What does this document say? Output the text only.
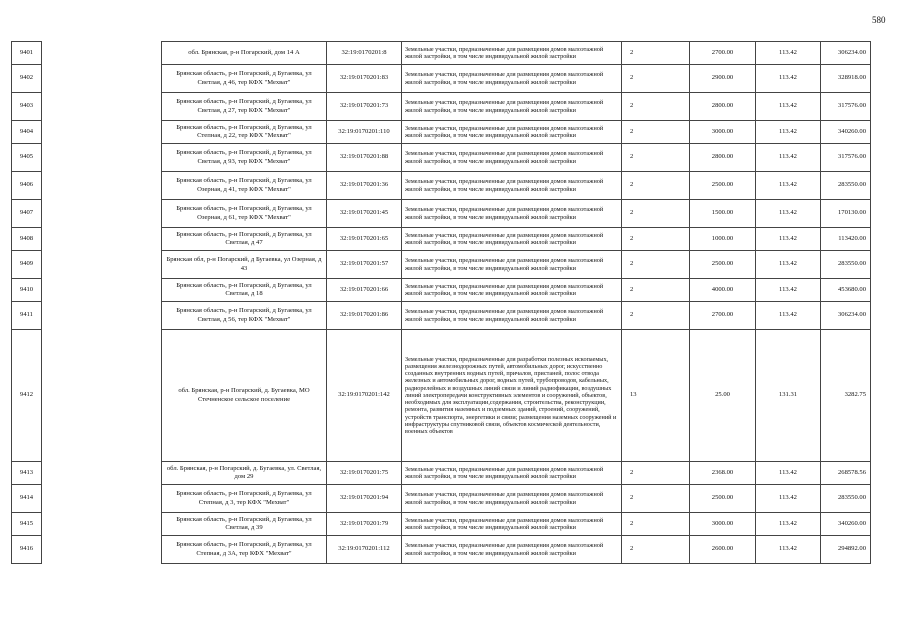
580
9401		обл. Брянская, р-н Погарский, дом 14 А	32:19:0170201:8	Земельные участки, предназначенные для размещения домов малоэтажной жилой застройки, в том числе индивидуальной жилой застройки	2	2700.00	113.42	306234.00
9402		Брянская область, р-н Погарский, д Бугаевка, ул Светлая, д 46, тер КФХ "Мехват"	32:19:0170201:83	Земельные участки, предназначенные для размещения домов малоэтажной жилой застройки, в том числе индивидуальной жилой застройки	2	2900.00	113.42	328918.00
9403		Брянская область, р-н Погарский, д Бугаевка, ул Светлая, д 27, тер КФХ "Мехват"	32:19:0170201:73	Земельные участки, предназначенные для размещения домов малоэтажной жилой застройки, в том числе индивидуальной жилой застройки	2	2800.00	113.42	317576.00
9404		Брянская область, р-н Погарский, д Бугаевка, ул Степная, д 22, тер КФХ "Мехват"	32:19:0170201:110	Земельные участки, предназначенные для размещения домов малоэтажной жилой застройки, в том числе индивидуальной жилой застройки	2	3000.00	113.42	340260.00
9405		Брянская область, р-н Погарский, д Бугаевка, ул Светлая, д 93, тер КФХ "Мехват"	32:19:0170201:88	Земельные участки, предназначенные для размещения домов малоэтажной жилой застройки, в том числе индивидуальной жилой застройки	2	2800.00	113.42	317576.00
9406		Брянская область, р-н Погарский, д Бугаевка, ул Озерная, д 41, тер КФХ "Мехват"	32:19:0170201:36	Земельные участки, предназначенные для размещения домов малоэтажной жилой застройки, в том числе индивидуальной жилой застройки	2	2500.00	113.42	283550.00
9407		Брянская область, р-н Погарский, д Бугаевка, ул Озерная, д 61, тер КФХ "Мехват"	32:19:0170201:45	Земельные участки, предназначенные для размещения домов малоэтажной жилой застройки, в том числе индивидуальной жилой застройки	2	1500.00	113.42	170130.00
9408		Брянская область, р-н Погарский, д Бугаевка, ул Светлая, д 47	32:19:0170201:65	Земельные участки, предназначенные для размещения домов малоэтажной жилой застройки, в том числе индивидуальной жилой застройки	2	1000.00	113.42	113420.00
9409		Брянская обл, р-н Погарский, д Бугаевка, ул Озерная, д 43	32:19:0170201:57	Земельные участки, предназначенные для размещения домов малоэтажной жилой застройки, в том числе индивидуальной жилой застройки	2	2500.00	113.42	283550.00
9410		Брянская область, р-н Погарский, д Бугаевка, ул Светлая, д 18	32:19:0170201:66	Земельные участки, предназначенные для размещения домов малоэтажной жилой застройки, в том числе индивидуальной жилой застройки	2	4000.00	113.42	453680.00
9411		Брянская область, р-н Погарский, д Бугаевка, ул Светлая, д 56, тер КФХ "Мехват"	32:19:0170201:86	Земельные участки, предназначенные для размещения домов малоэтажной жилой застройки, в том числе индивидуальной жилой застройки	2	2700.00	113.42	306234.00
9412		обл. Брянская, р-н Погарский, д. Бугаевка, МО Стечненское сельское поселение	32:19:0170201:142	Земельные участки, предназначенные для разработки полезных ископаемых, размещения железнодорожных путей, автомобильных дорог, искусственно созданных внутренних водных путей, причалов, пристаней, полос отвода железных и автомобильных дорог, водных путей, трубопроводов, кабельных, радиорелейных и воздушных линий связи и линий радиофикации, воздушных линий электропередачи конструктивных элементов и сооружений, объектов, необходимых для эксплуатации,содержания, строительства, реконструкции, ремонта, развития наземных и подземных зданий, строений, сооружений, устройств транспорта, энергетики и связи; размещения наземных сооружений и инфраструктуры спутниковой связи, объектов космической деятельности, военных объектов	13	25.00	131.31	3282.75
9413		обл. Брянская, р-н Погарский, д. Бугаевка, ул. Светлая, дом 29	32:19:0170201:75	Земельные участки, предназначенные для размещения домов малоэтажной жилой застройки, в том числе индивидуальной жилой застройки	2	2368.00	113.42	268578.56
9414		Брянская область, р-н Погарский, д Бугаевка, ул Степная, д 3, тер КФХ "Мехват"	32:19:0170201:94	Земельные участки, предназначенные для размещения домов малоэтажной жилой застройки, в том числе индивидуальной жилой застройки	2	2500.00	113.42	283550.00
9415		Брянская область, р-н Погарский, д Бугаевка, ул Светлая, д 39	32:19:0170201:79	Земельные участки, предназначенные для размещения домов малоэтажной жилой застройки, в том числе индивидуальной жилой застройки	2	3000.00	113.42	340260.00
9416		Брянская область, р-н Погарский, д Бугаевка, ул Степная, д 3А, тер КФХ "Мехват"	32:19:0170201:112	Земельные участки, предназначенные для размещения домов малоэтажной жилой застройки, в том числе индивидуальной жилой застройки	2	2600.00	113.42	294892.00
